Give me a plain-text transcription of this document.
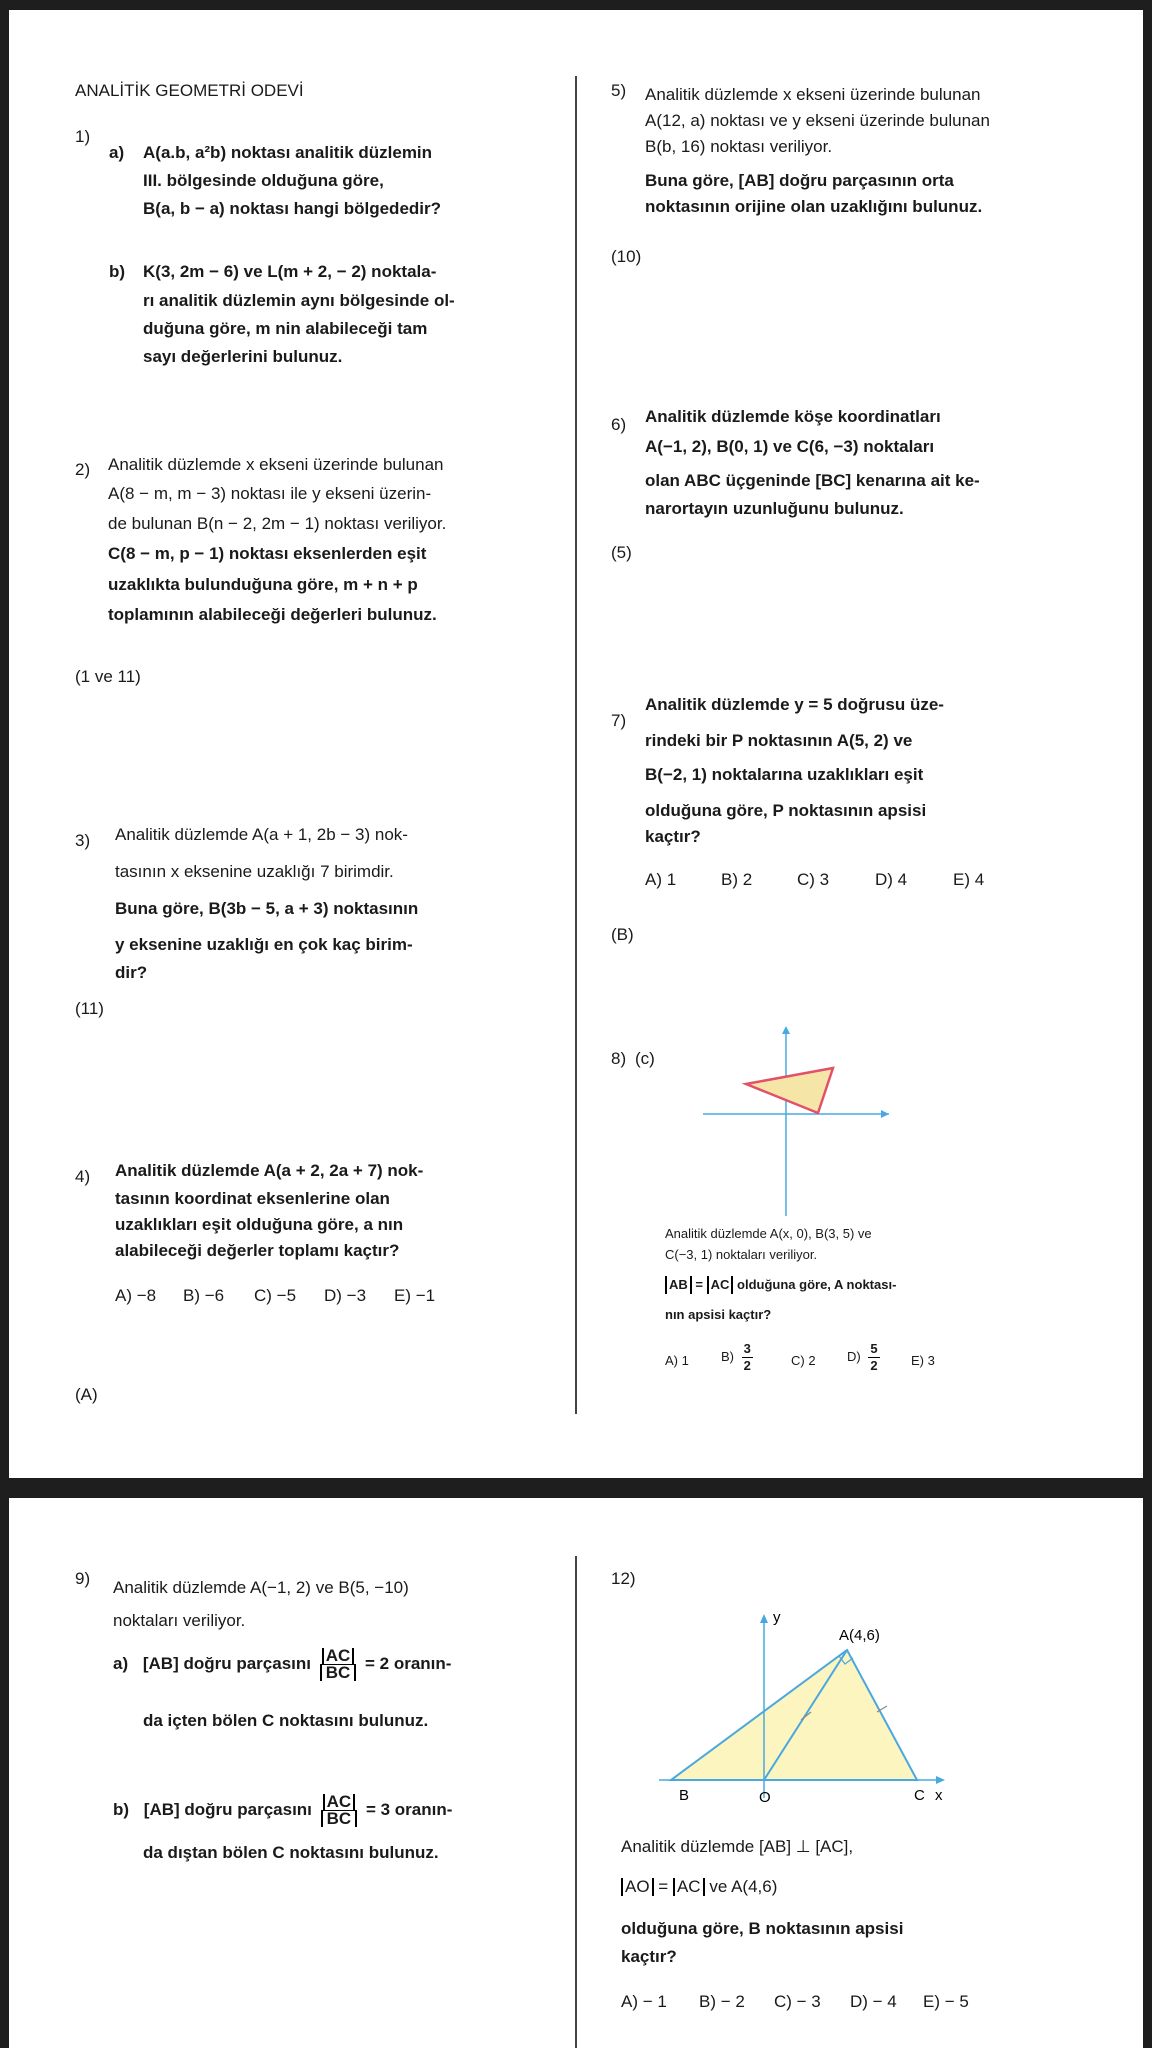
ANALİTİK GEOMETRİ ODEVİ
1)
a) A(a.b, a²b) noktası analitik düzlemin
III. bölgesinde olduğuna göre,
B(a, b − a) noktası hangi bölgededir?
b) K(3, 2m − 6) ve L(m + 2, − 2) noktala-
rı analitik düzlemin aynı bölgesinde ol-
duğuna göre, m nin alabileceği tam
sayı değerlerini bulunuz.
2) Analitik düzlemde x ekseni üzerinde bulunan
A(8 − m, m − 3) noktası ile y ekseni üzerin-
de bulunan B(n − 2, 2m − 1) noktası veriliyor.
C(8 − m, p − 1) noktası eksenlerden eşit
uzaklıkta bulunduğuna göre, m + n + p
toplamının alabileceği değerleri bulunuz.
(1 ve 11)
3) Analitik düzlemde A(a + 1, 2b − 3) nok-
tasının x eksenine uzaklığı 7 birimdir.
Buna göre, B(3b − 5, a + 3) noktasının
y eksenine uzaklığı en çok kaç birim-
dir?
(11)
4) Analitik düzlemde A(a + 2, 2a + 7) nok-
tasının koordinat eksenlerine olan
uzaklıkları eşit olduğuna göre, a nın
alabileceği değerler toplamı kaçtır?
A) −8 B) −6 C) −5 D) −3 E) −1
(A)
5) Analitik düzlemde x ekseni üzerinde bulunan
A(12, a) noktası ve y ekseni üzerinde bulunan
B(b, 16) noktası veriliyor.
Buna göre, [AB] doğru parçasının orta
noktasının orijine olan uzaklığını bulunuz.
(10)
6) Analitik düzlemde köşe koordinatları
A(−1, 2), B(0, 1) ve C(6, −3) noktaları
olan ABC üçgeninde [BC] kenarına ait ke-
narortayın uzunluğunu bulunuz.
(5)
7)
Analitik düzlemde y = 5 doğrusu üze-
rindeki bir P noktasının A(5, 2) ve
B(−2, 1) noktalarına uzaklıkları eşit
olduğuna göre, P noktasının apsisi
kaçtır?
A) 1	B) 2	C) 3	D) 4	E) 4
(B)
8) (c)
Analitik düzlemde A(x, 0), B(3, 5) ve
C(−3, 1) noktaları veriliyor.
AB = AC olduğuna göre, A noktası-
nın apsisi kaçtır?
A) 1 $B) \frac{3}{2}$	C) 2 $D) \frac{5}{2} E$) 3
9) Analitik düzlemde A(−1, 2) ve B(5, −10)
noktaları veriliyor.
a) [AB] doğru parçasını $\frac{AC}{BC} = 2$ oranın-
da içten bölen C noktasını bulunuz.
b) [AB] doğru parçasını $\frac{AC}{BC} = 3$ oranın-
da dıştan bölen C noktasını bulunuz.
12)
y
A(4,6)
B	O	C x
Analitik düzlemde [AB] ⊥ [AC],
AO = AC ve A(4,6)
olduğuna göre, B noktasının apsisi
kaçtır?
A) − 1 B) − 2 C) − 3 D) − 4 E) − 5
